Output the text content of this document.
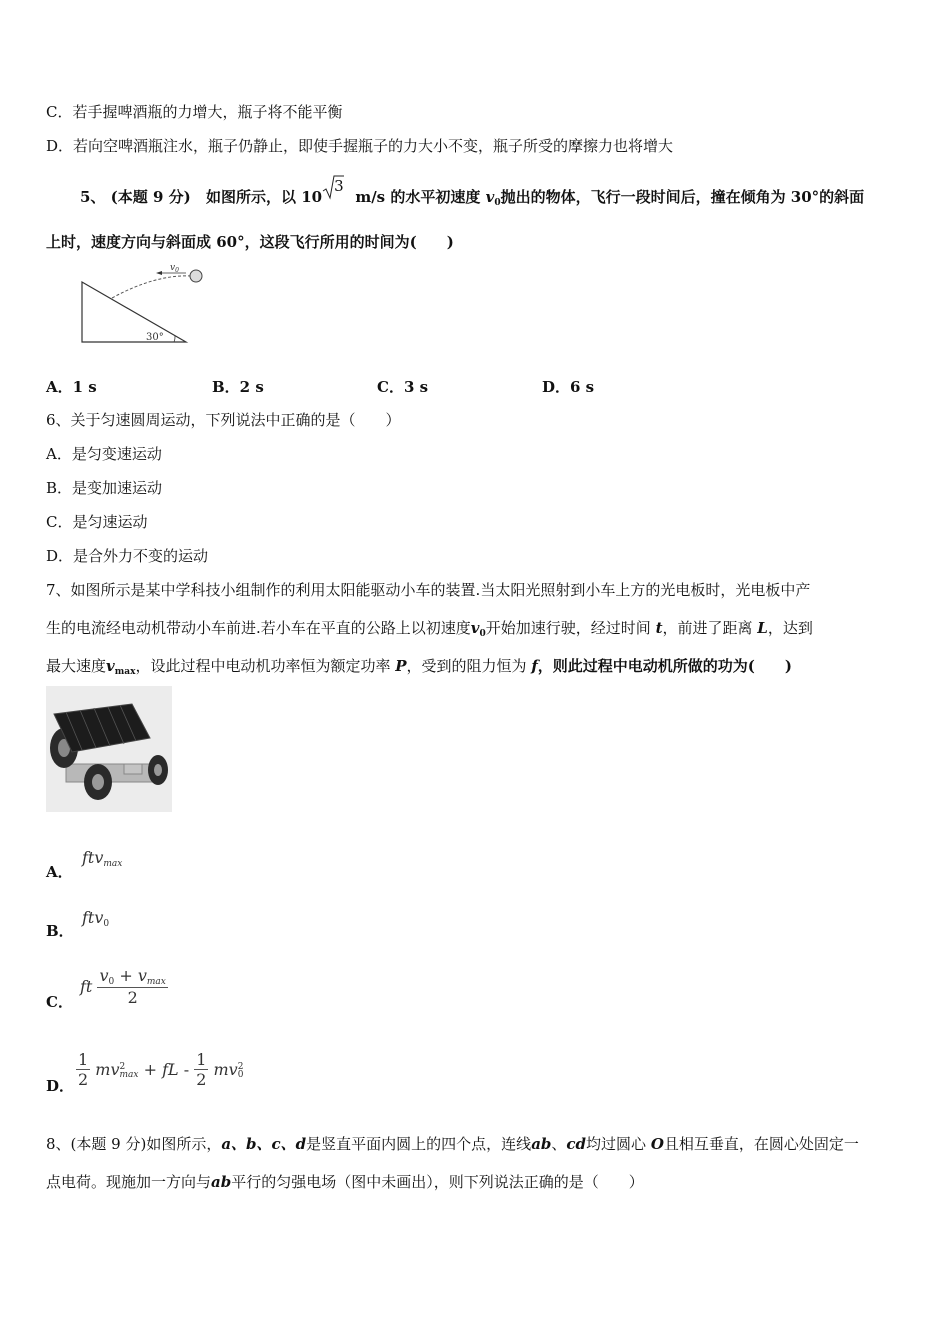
C．若手握啤酒瓶的力增大，瓶子将不能平衡
D．若向空啤酒瓶注水，瓶子仍静止，即使手握瓶子的力大小不变，瓶子所受的摩擦力也将增大
5、 (本题 9 分) 如图所示，以 10
3
m/s 的水平初速度 $v_0$抛出的物体，飞行一段时间后，撞在倾角为 30°的斜面
上时，速度方向与斜面成 60°，这段飞行所用的时间为(　　)
$v_0$
30°
A．1 s	B．2 s	C．3 s	D．6 s
6、关于匀速圆周运动，下列说法中正确的是（　　）
A．是匀变速运动
B．是变加速运动
C．是匀速运动
D．是合外力不变的运动
7、如图所示是某中学科技小组制作的利用太阳能驱动小车的装置.当太阳光照射到小车上方的光电板时，光电板中产
生的电流经电动机带动小车前进.若小车在平直的公路上以初速度$v_0$开始加速行驶，经过时间 t，前进了距离 L，达到
最大速度$v_{max}$，设此过程中电动机功率恒为额定功率 P，受到的阻力恒为 f，则此过程中电动机所做的功为(　　)
A．
ftv$_{max}$
B．
ftv$_0$
C．
ft $\frac{v_0 + v_{max}}{2}$
D． $\frac{1}{2}$ mv 2
max + fL - $\frac{1}{2}$ mv 2
0
8、(本题 9 分)如图所示，a、b、c、d是竖直平面内圆上的四个点，连线ab、cd均过圆心 O且相互垂直，在圆心处固定一
点电荷。现施加一方向与ab平行的匀强电场（图中未画出），则下列说法正确的是（　　）
